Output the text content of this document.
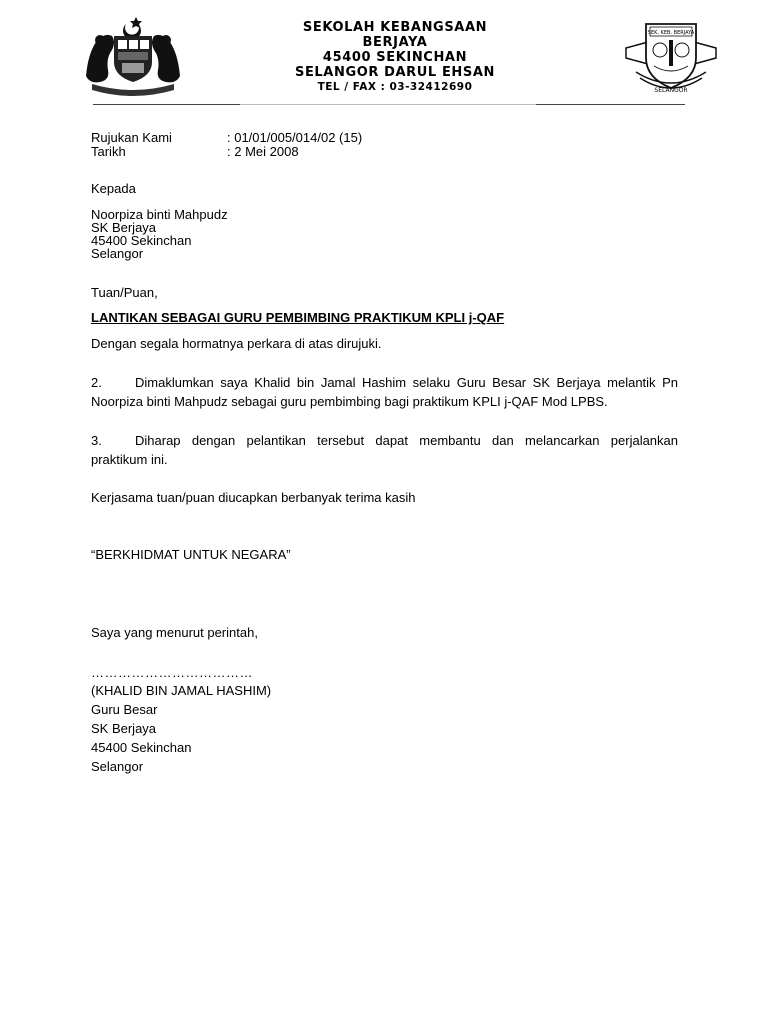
SEKOLAH KEBANGSAAN
BERJAYA
45400 SEKINCHAN
SELANGOR DARUL EHSAN
TEL / FAX : 03-32412690
SEK. KEB. BERJAYA
SELANGOR
Rujukan Kami	: 01/01/005/014/02 (15)
Tarikh	: 2 Mei 2008
Kepada
Noorpiza binti Mahpudz
SK Berjaya
45400 Sekinchan
Selangor
Tuan/Puan,
LANTIKAN SEBAGAI GURU PEMBIMBING PRAKTIKUM KPLI j-QAF
Dengan segala hormatnya perkara di atas dirujuki.
2.	Dimaklumkan saya Khalid bin Jamal Hashim selaku Guru Besar SK Berjaya melantik Pn
Noorpiza binti Mahpudz sebagai guru pembimbing bagi praktikum KPLI j-QAF Mod LPBS.
3.	Diharap dengan pelantikan tersebut dapat membantu dan melancarkan perjalankan
praktikum ini.
Kerjasama tuan/puan diucapkan berbanyak terima kasih
“BERKHIDMAT UNTUK NEGARA”
Saya yang menurut perintah,
………………………………
(KHALID BIN JAMAL HASHIM)
Guru Besar
SK Berjaya
45400 Sekinchan
Selangor
